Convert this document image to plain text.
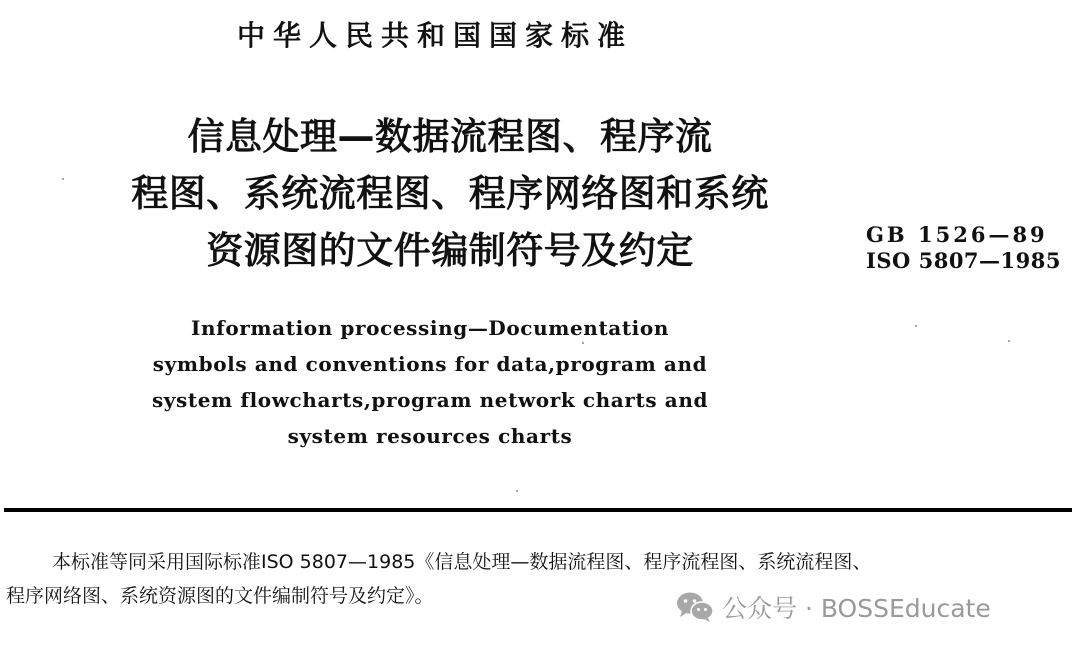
中华人民共和国国家标准
信息处理—数据流程图、程序流
程图、系统流程图、程序网络图和系统
资源图的文件编制符号及约定	GB 1526—89
ISO 5807—1985
Information processing—Documentation
symbols and conventions for data,program and
system flowcharts,program network charts and
system resources charts
本标准等同采用国际标准ISO 5807—1985《信息处理—数据流程图、程序流程图、系统流程图、
程序网络图、系统资源图的文件编制符号及约定》。	公众号 · BOSSEducate
